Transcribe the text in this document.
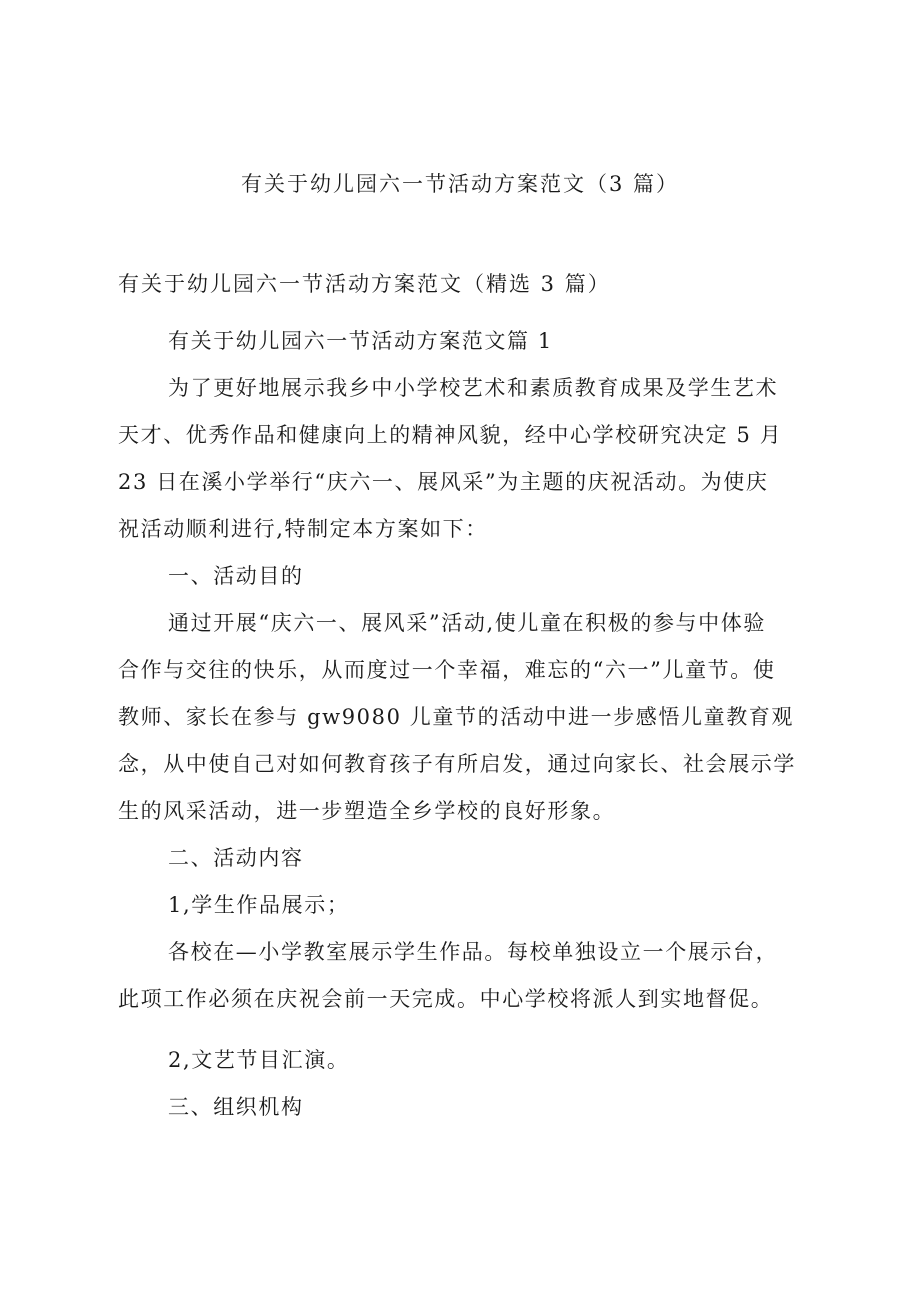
有关于幼儿园六一节活动方案范文（3 篇）
有关于幼儿园六一节活动方案范文（精选 3 篇）
有关于幼儿园六一节活动方案范文篇 1
为了更好地展示我乡中小学校艺术和素质教育成果及学生艺术
天才、优秀作品和健康向上的精神风貌，经中心学校研究决定 5 月
23 日在溪小学举行“庆六一、展风采”为主题的庆祝活动。为使庆
祝活动顺利进行,特制定本方案如下：
一、活动目的
通过开展“庆六一、展风采”活动,使儿童在积极的参与中体验
合作与交往的快乐，从而度过一个幸福，难忘的“六一”儿童节。使
教师、家长在参与 gw9080 儿童节的活动中进一步感悟儿童教育观
念，从中使自己对如何教育孩子有所启发，通过向家长、社会展示学
生的风采活动，进一步塑造全乡学校的良好形象。
二、活动内容
1,学生作品展示；
各校在—小学教室展示学生作品。每校单独设立一个展示台，
此项工作必须在庆祝会前一天完成。中心学校将派人到实地督促。
2,文艺节目汇演。
三、组织机构
